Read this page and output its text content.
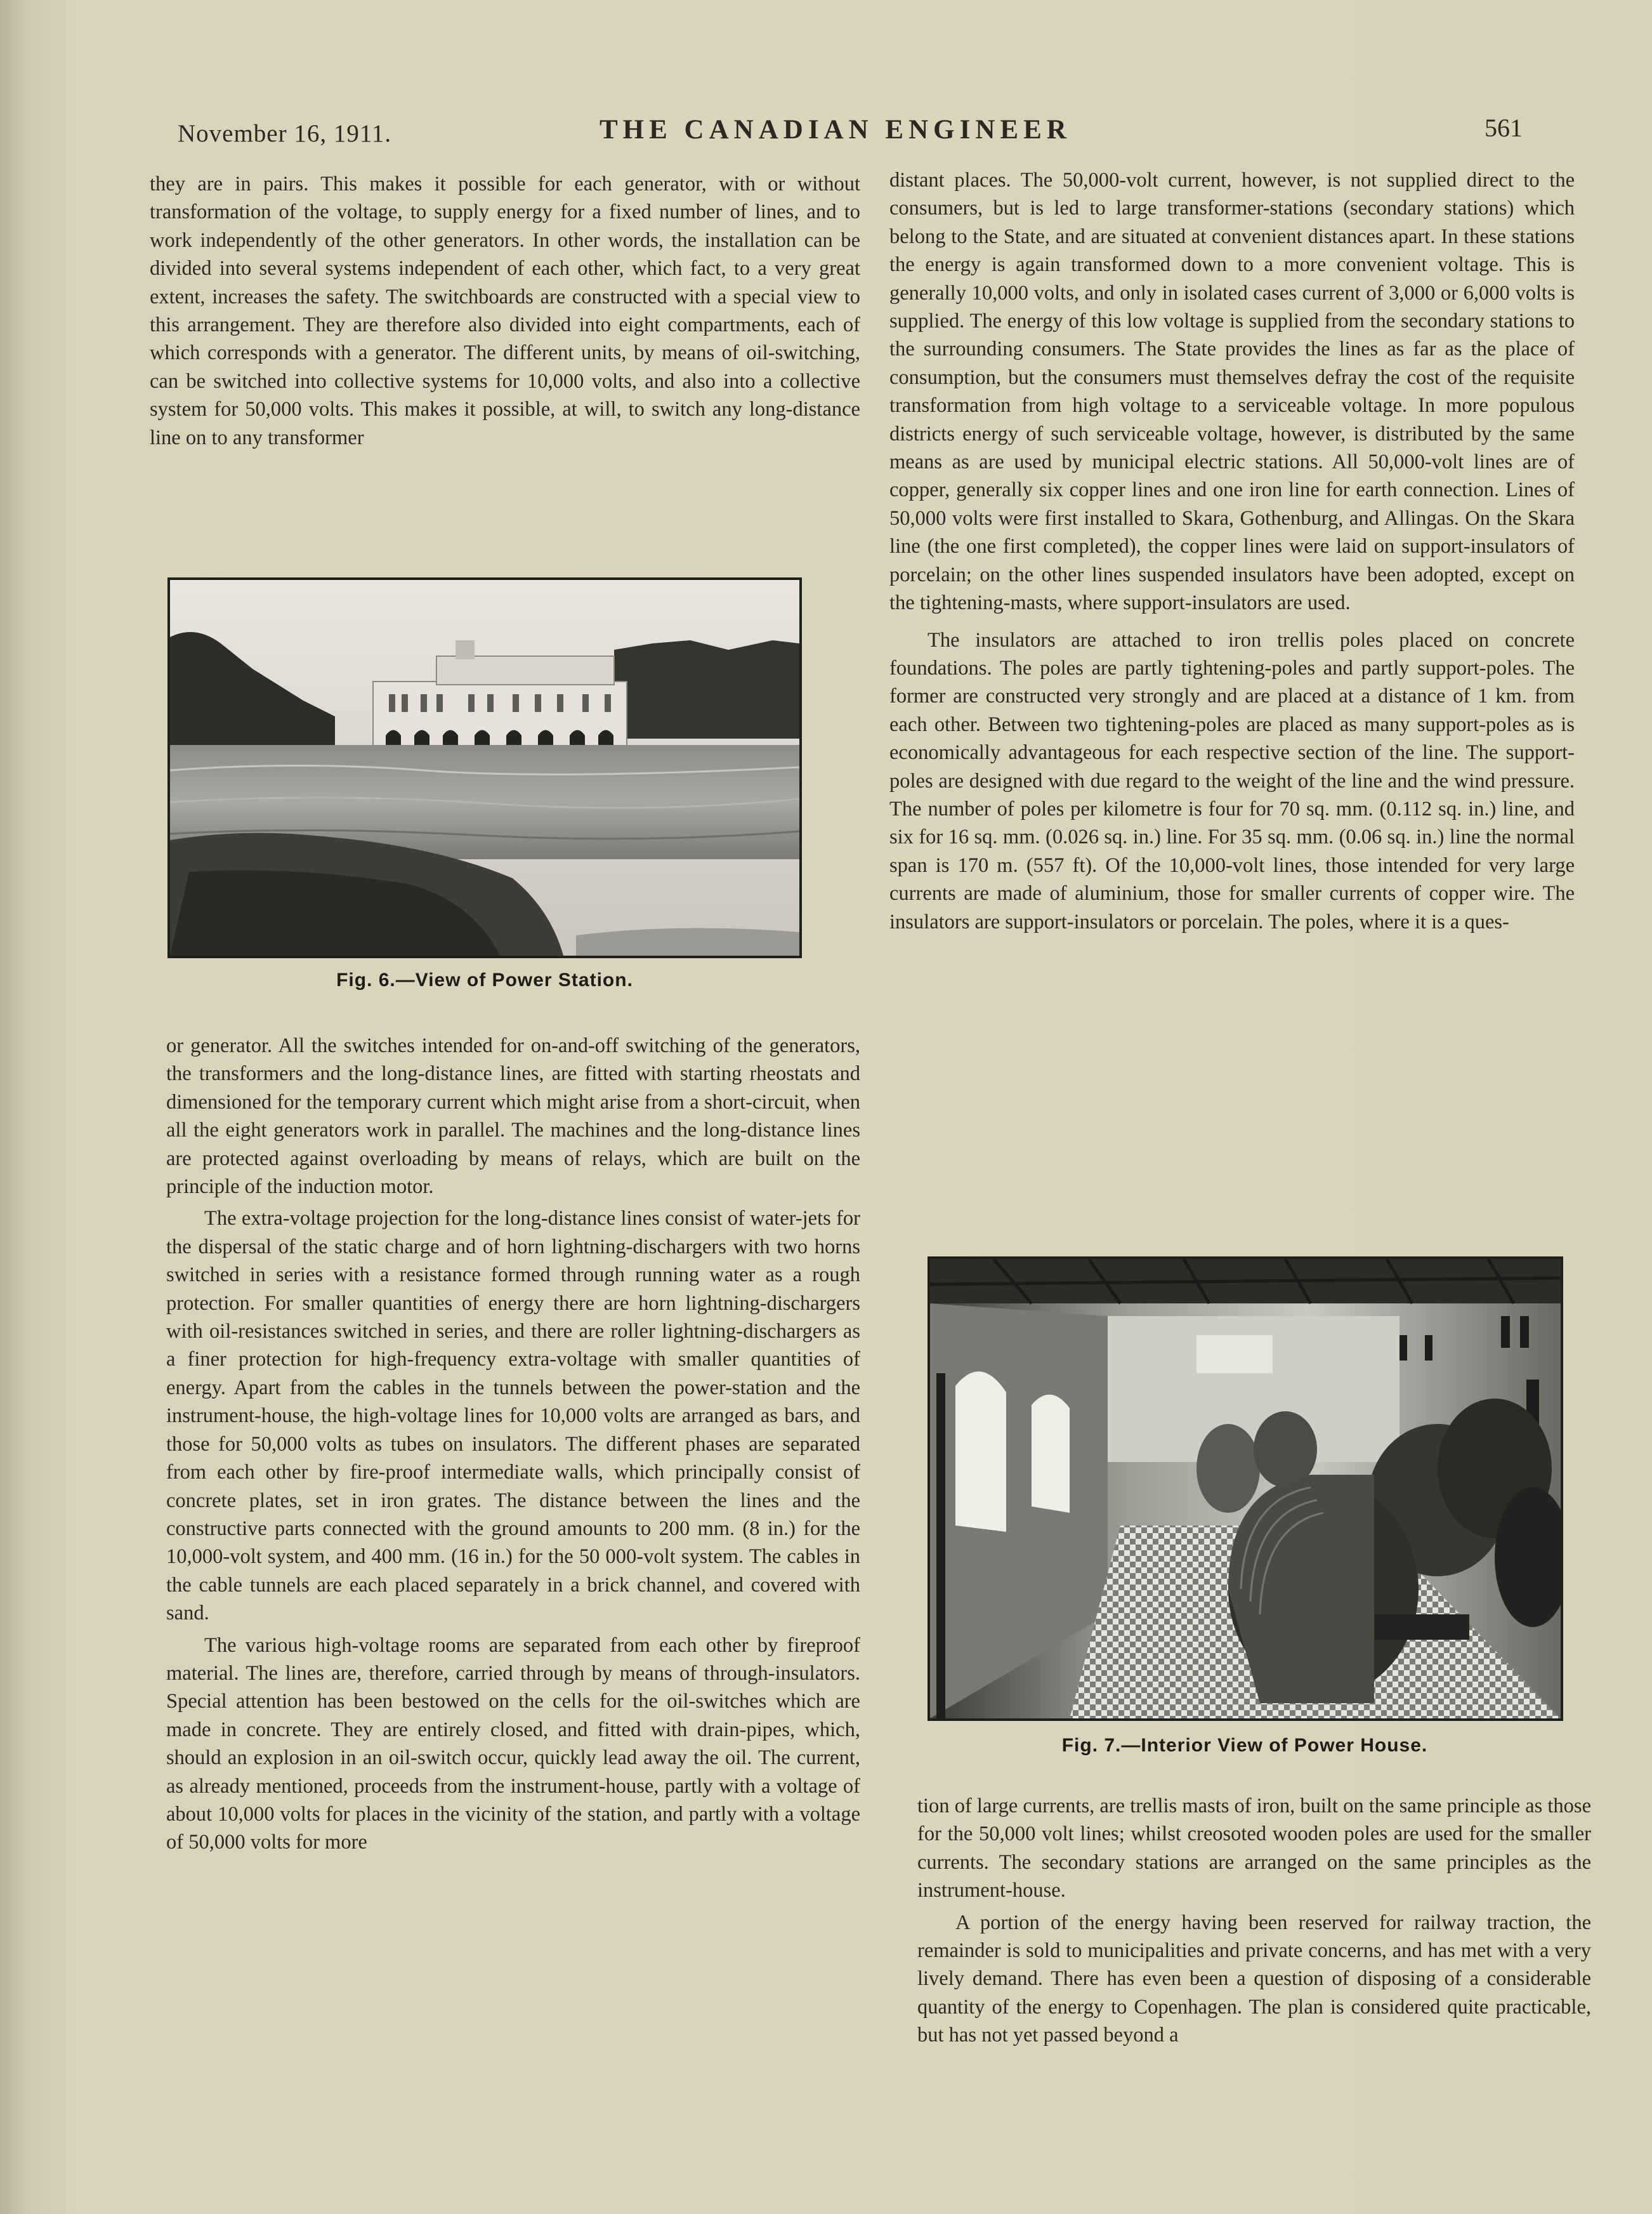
November 16, 1911.	THE CANADIAN ENGINEER	561

they are in pairs. This makes it possible for each generator, with or without transformation of the voltage, to supply energy for a fixed number of lines, and to work independently of the other generators. In other words, the installation can be divided into several systems independent of each other, which fact, to a very great extent, increases the safety. The switchboards are constructed with a special view to this arrangement. They are therefore also divided into eight compartments, each of which corresponds with a generator. The different units, by means of oil-switching, can be switched into collective systems for 10,000 volts, and also into a collective system for 50,000 volts. This makes it possible, at will, to switch any long-distance line on to any transformer

Fig. 6.—View of Power Station.

or generator. All the switches intended for on-and-off switching of the generators, the transformers and the long-distance lines, are fitted with starting rheostats and dimensioned for the temporary current which might arise from a short-circuit, when all the eight generators work in parallel. The machines and the long-distance lines are protected against overloading by means of relays, which are built on the principle of the induction motor.

The extra-voltage projection for the long-distance lines consist of water-jets for the dispersal of the static charge and of horn lightning-dischargers with two horns switched in series with a resistance formed through running water as a rough protection. For smaller quantities of energy there are horn lightning-dischargers with oil-resistances switched in series, and there are roller lightning-dischargers as a finer protection for high-frequency extra-voltage with smaller quantities of energy. Apart from the cables in the tunnels between the power-station and the instrument-house, the high-voltage lines for 10,000 volts are arranged as bars, and those for 50,000 volts as tubes on insulators. The different phases are separated from each other by fire-proof intermediate walls, which principally consist of concrete plates, set in iron grates. The distance between the lines and the constructive parts connected with the ground amounts to 200 mm. (8 in.) for the 10,000-volt system, and 400 mm. (16 in.) for the 50 000-volt system. The cables in the cable tunnels are each placed separately in a brick channel, and covered with sand.

The various high-voltage rooms are separated from each other by fireproof material. The lines are, therefore, carried through by means of through-insulators. Special attention has been bestowed on the cells for the oil-switches which are made in concrete. They are entirely closed, and fitted with drain-pipes, which, should an explosion in an oil-switch occur, quickly lead away the oil. The current, as already mentioned, proceeds from the instrument-house, partly with a voltage of about 10,000 volts for places in the vicinity of the station, and partly with a voltage of 50,000 volts for more

distant places. The 50,000-volt current, however, is not supplied direct to the consumers, but is led to large transformer-stations (secondary stations) which belong to the State, and are situated at convenient distances apart. In these stations the energy is again transformed down to a more convenient voltage. This is generally 10,000 volts, and only in isolated cases current of 3,000 or 6,000 volts is supplied. The energy of this low voltage is supplied from the secondary stations to the surrounding consumers. The State provides the lines as far as the place of consumption, but the consumers must themselves defray the cost of the requisite transformation from high voltage to a serviceable voltage. In more populous districts energy of such serviceable voltage, however, is distributed by the same means as are used by municipal electric stations. All 50,000-volt lines are of copper, generally six copper lines and one iron line for earth connection. Lines of 50,000 volts were first installed to Skara, Gothenburg, and Allingas. On the Skara line (the one first completed), the copper lines were laid on support-insulators of porcelain; on the other lines suspended insulators have been adopted, except on the tightening-masts, where support-insulators are used.

The insulators are attached to iron trellis poles placed on concrete foundations. The poles are partly tightening-poles and partly support-poles. The former are constructed very strongly and are placed at a distance of 1 km. from each other. Between two tightening-poles are placed as many support-poles as is economically advantageous for each respective section of the line. The support-poles are designed with due regard to the weight of the line and the wind pressure. The number of poles per kilometre is four for 70 sq. mm. (0.112 sq. in.) line, and six for 16 sq. mm. (0.026 sq. in.) line. For 35 sq. mm. (0.06 sq. in.) line the normal span is 170 m. (557 ft). Of the 10,000-volt lines, those intended for very large currents are made of aluminium, those for smaller currents of copper wire. The insulators are support-insulators or porcelain. The poles, where it is a ques-

Fig. 7.—Interior View of Power House.

tion of large currents, are trellis masts of iron, built on the same principle as those for the 50,000 volt lines; whilst creosoted wooden poles are used for the smaller currents. The secondary stations are arranged on the same principles as the instrument-house.

A portion of the energy having been reserved for railway traction, the remainder is sold to municipalities and private concerns, and has met with a very lively demand. There has even been a question of disposing of a considerable quantity of the energy to Copenhagen. The plan is considered quite practicable, but has not yet passed beyond a
